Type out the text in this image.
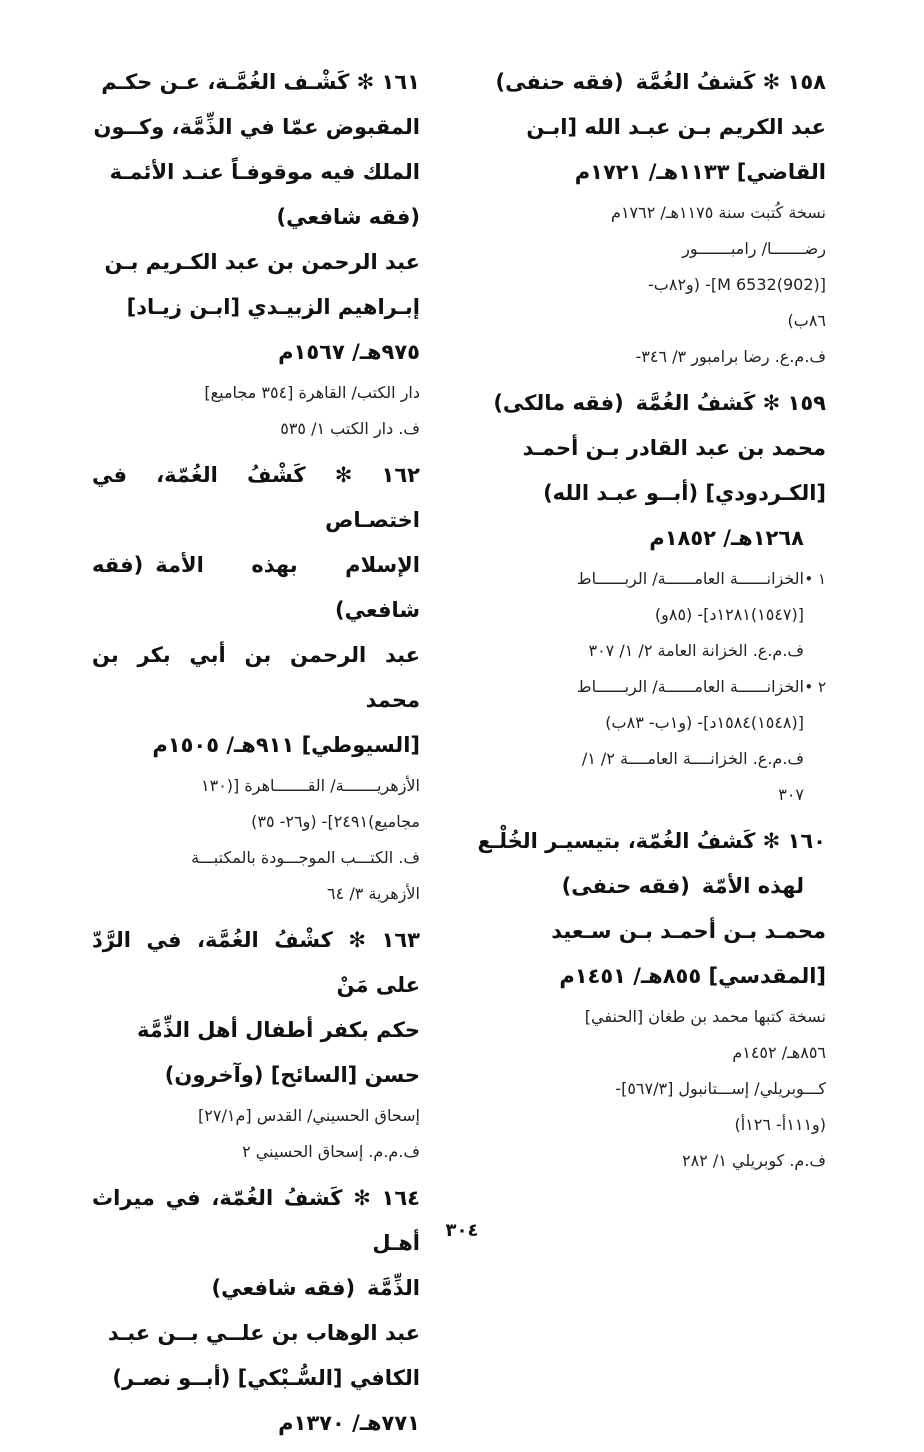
١٥٨ ✻ كَشفُ الغُمَّة(فقه حنفى)

عبد الكريم بـن عبـد الله [ابـن

القاضي] ١١٣٣هـ/ ١٧٢١م

نسخة كُتبت سنة ١١٧٥هـ/ ١٧٦٢م

رضـــــــا/ رامبـــــــور

[M 6532(902)]- (و٨٢ب-

٨٦ب)

ف.م.ع. رضا برامبور ٣/ ٣٤٦-

١٥٩ ✻ كَشفُ الغُمَّة(فقه مالكى)

محمد بن عبد القادر بـن أحمـد

[الكـردودي] (أبــو عبـد الله)

١٢٦٨هـ/ ١٨٥٢م

١ •

الخزانــــــة العامــــــة/ الربــــــاط

[(١٥٤٧)١٢٨١د]- (٨٥و)

ف.م.ع. الخزانة العامة ٢/ ١/ ٣٠٧

٢ •

الخزانــــــة العامــــــة/ الربــــــاط

[(١٥٤٨)١٥٨٤د]- (و١ب- ٨٣ب)

ف.م.ع. الخزانــــة العامــــة ٢/ ١/

٣٠٧

١٦٠ ✻ كَشفُ الغُمّة، بتيسيـر الخُلْـع

لهذه الأمّة(فقه حنفى)

محمـد بـن أحمـد بـن سـعيد

[المقدسي] ٨٥٥هـ/ ١٤٥١م

نسخة كتبها محمد بن طغان [الحنفي]

٨٥٦هـ/ ١٤٥٢م

كـــوبريلي/ إســـتانبول [٥٦٧/٣]-

(و١١١أ- ١٢٦أ)

ف.م. كوبريلي ١/ ٢٨٢

١٦١ ✻ كَشْـف الغُمَّـة، عـن حكـم

المقبوض عمّا في الذِّمَّة، وكــون

الملك فيه موقوفـاً عنـد الأئمـة

(فقه شافعي)

عبد الرحمن بن عبد الكـريم بـن

إبـراهيم الزبيـدي [ابـن زيـاد]

٩٧٥هـ/ ١٥٦٧م

دار الكتب/ القاهرة [٣٥٤ مجاميع]

ف. دار الكتب ١/ ٥٣٥

١٦٢ ✻ كَشْفُ الغُمّة، في اختصـاص

الإسلام بهذه الأمة(فقه شافعي)

عبد الرحمن بن أبي بكر بن محمد

[السيوطي] ٩١١هـ/ ١٥٠٥م

الأزهريـــــــة/ القـــــــاهرة [(١٣٠

مجاميع)٢٤٩١]- (و٢٦- ٣٥)

ف. الكتـــب الموجـــودة بالمكتبـــة

الأزهرية ٣/ ٦٤

١٦٣ ✻ كشْفُ الغُمَّة، في الرَّدّ على مَنْ

حكم بكفر أطفال أهل الذِّمَّة

حسن [السائح] (وآخرون)

إسحاق الحسيني/ القدس [م٢٧/١]

ف.م.م. إسحاق الحسيني ٢

١٦٤ ✻ كَشفُ الغُمّة، في ميراث أهـل

الذِّمَّة(فقه شافعي)

عبد الوهاب بن علــي بــن عبـد

الكافي [السُّـبْكي] (أبــو نصـر)

٧٧١هـ/ ١٣٧٠م

٣٠٤
